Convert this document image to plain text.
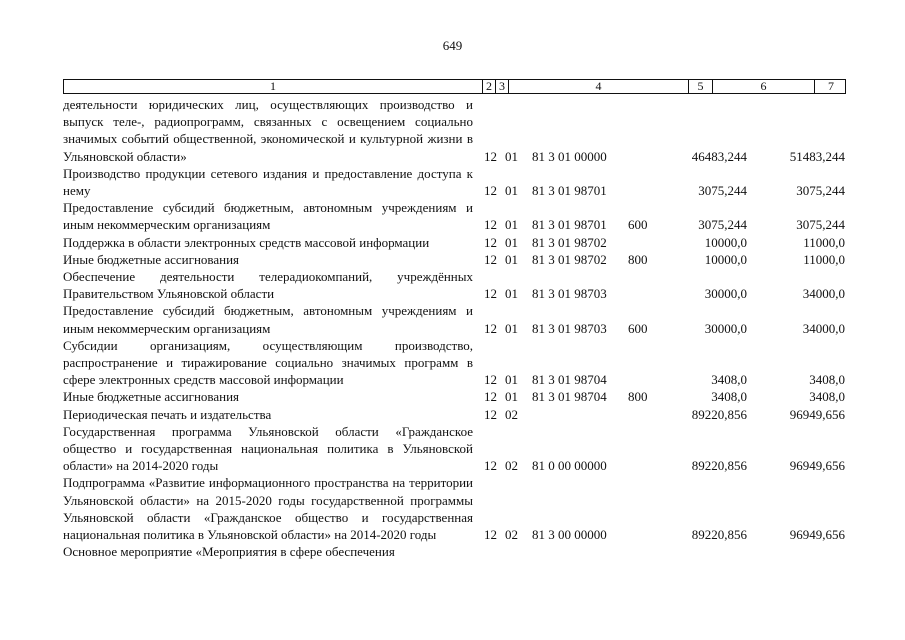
649
1	2 3	4	5	6	7
деятельности юридических лиц, осуществляющих производство и выпуск теле-, радиопрограмм, связанных с освещением социально значимых событий общественной, экономической и культурной жизни в Ульяновской области»	12 01 81 3 01 00000	46483,244	51483,244
Производство продукции сетевого издания и предоставление доступа к нему	12 01 81 3 01 98701	3075,244	3075,244
Предоставление субсидий бюджетным, автономным учреждениям и иным некоммерческим организациям	12 01 81 3 01 98701 600	3075,244	3075,244
Поддержка в области электронных средств массовой информации	12 01 81 3 01 98702	10000,0	11000,0
Иные бюджетные ассигнования	12 01 81 3 01 98702 800	10000,0	11000,0
Обеспечение деятельности телерадиокомпаний, учреждённых Правительством Ульяновской области	12 01 81 3 01 98703	30000,0	34000,0
Предоставление субсидий бюджетным, автономным учреждениям и иным некоммерческим организациям	12 01 81 3 01 98703 600	30000,0	34000,0
Субсидии организациям, осуществляющим производство, распространение и тиражирование социально значимых программ в сфере электронных средств массовой информации	12 01 81 3 01 98704	3408,0	3408,0
Иные бюджетные ассигнования	12 01 81 3 01 98704 800	3408,0	3408,0
Периодическая печать и издательства	12 02	89220,856	96949,656
Государственная программа Ульяновской области «Гражданское общество и государственная национальная политика в Ульяновской области» на 2014-2020 годы	12 02 81 0 00 00000	89220,856	96949,656
Подпрограмма «Развитие информационного пространства на территории Ульяновской области» на 2015-2020 годы государственной программы Ульяновской области «Гражданское общество и государственная национальная политика в Ульяновской области» на 2014-2020 годы	12 02 81 3 00 00000	89220,856	96949,656
Основное мероприятие «Мероприятия в сфере обеспечения
